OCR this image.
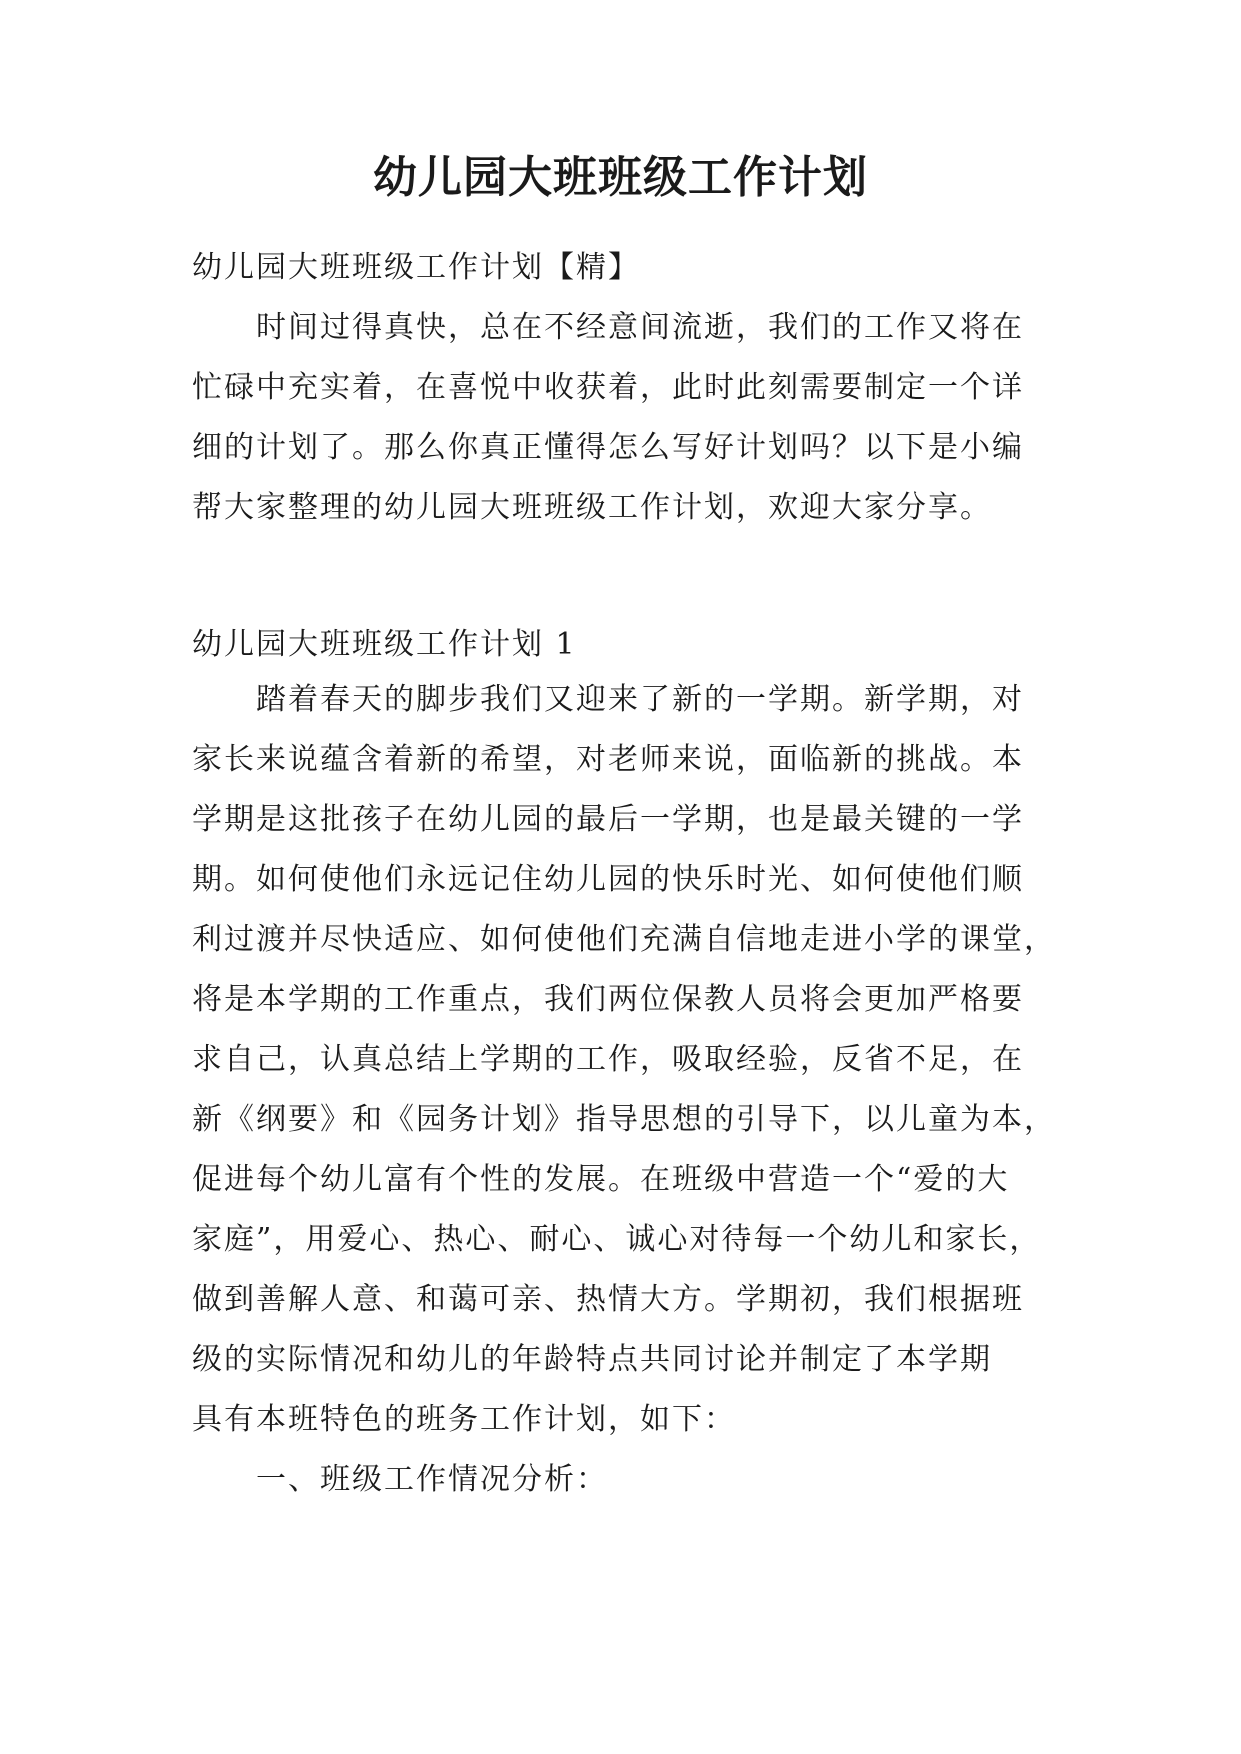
幼儿园大班班级工作计划
幼儿园大班班级工作计划【精】
时间过得真快，总在不经意间流逝，我们的工作又将在
忙碌中充实着，在喜悦中收获着，此时此刻需要制定一个详
细的计划了。那么你真正懂得怎么写好计划吗？以下是小编
帮大家整理的幼儿园大班班级工作计划，欢迎大家分享。
幼儿园大班班级工作计划 1
踏着春天的脚步我们又迎来了新的一学期。新学期，对
家长来说蕴含着新的希望，对老师来说，面临新的挑战。本
学期是这批孩子在幼儿园的最后一学期，也是最关键的一学
期。如何使他们永远记住幼儿园的快乐时光、如何使他们顺
利过渡并尽快适应、如何使他们充满自信地走进小学的课堂，
将是本学期的工作重点，我们两位保教人员将会更加严格要
求自己，认真总结上学期的工作，吸取经验，反省不足，在
新《纲要》和《园务计划》指导思想的引导下，以儿童为本，
促进每个幼儿富有个性的发展。在班级中营造一个“爱的大
家庭”，用爱心、热心、耐心、诚心对待每一个幼儿和家长，
做到善解人意、和蔼可亲、热情大方。学期初，我们根据班
级的实际情况和幼儿的年龄特点共同讨论并制定了本学期
具有本班特色的班务工作计划，如下：
一、班级工作情况分析：
